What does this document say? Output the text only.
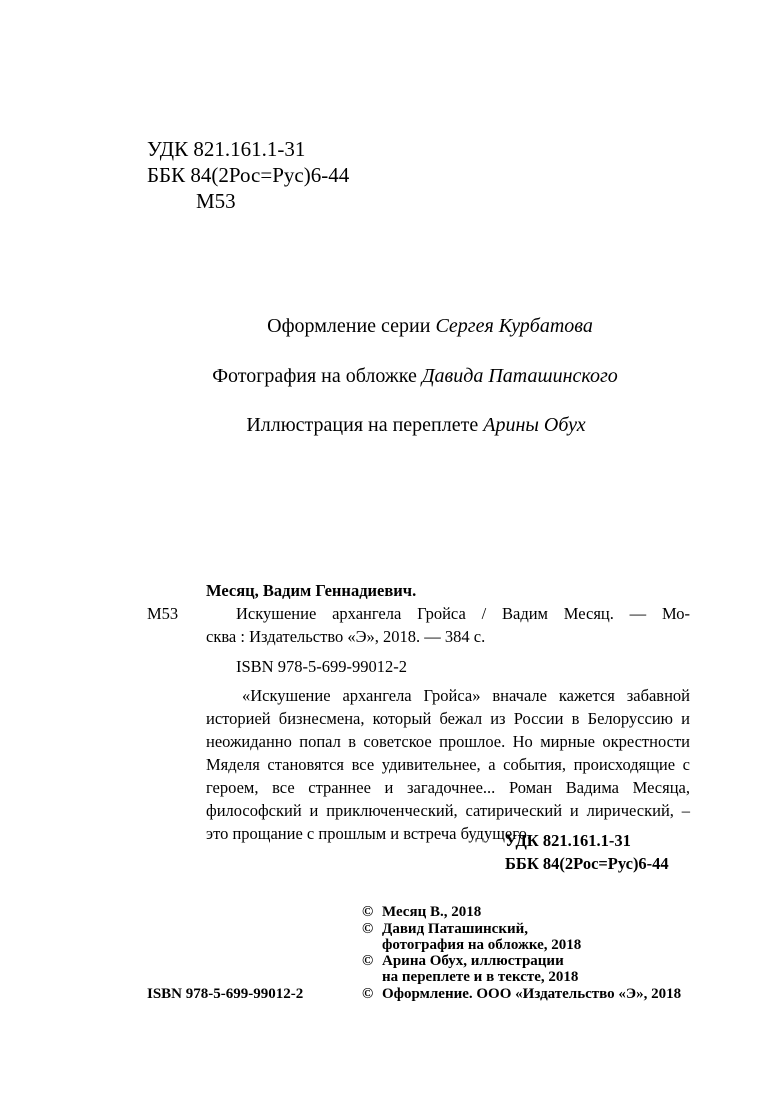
УДК 821.161.1-31
ББК 84(2Рос=Рус)6-44
М53
Оформление серии Сергея Курбатова
Фотография на обложке Давида Паташинского
Иллюстрация на переплете Арины Обух
Месяц, Вадим Геннадиевич.
М53	Искушение архангела Гройса / Вадим Месяц. — Мо-
сква : Издательство «Э», 2018. — 384 с.
ISBN 978-5-699-99012-2
«Искушение архангела Гройса» вначале кажется забавной историей бизнесмена, который бежал из России в Белоруссию и неожиданно попал в советское прошлое. Но мирные окрестности Мяделя становятся все удивительнее, а события, происходящие с героем, все страннее и загадочнее... Роман Вадима Месяца, философский и приключенческий, сатирический и лирический, – это прощание с прошлым и встреча будущего.
УДК 821.161.1-31
ББК 84(2Рос=Рус)6-44
© Месяц В., 2018
© Давид Паташинский,
фотография на обложке, 2018
© Арина Обух, иллюстрации
на переплете и в тексте, 2018
© Оформление. ООО «Издательство «Э», 2018
ISBN 978-5-699-99012-2
